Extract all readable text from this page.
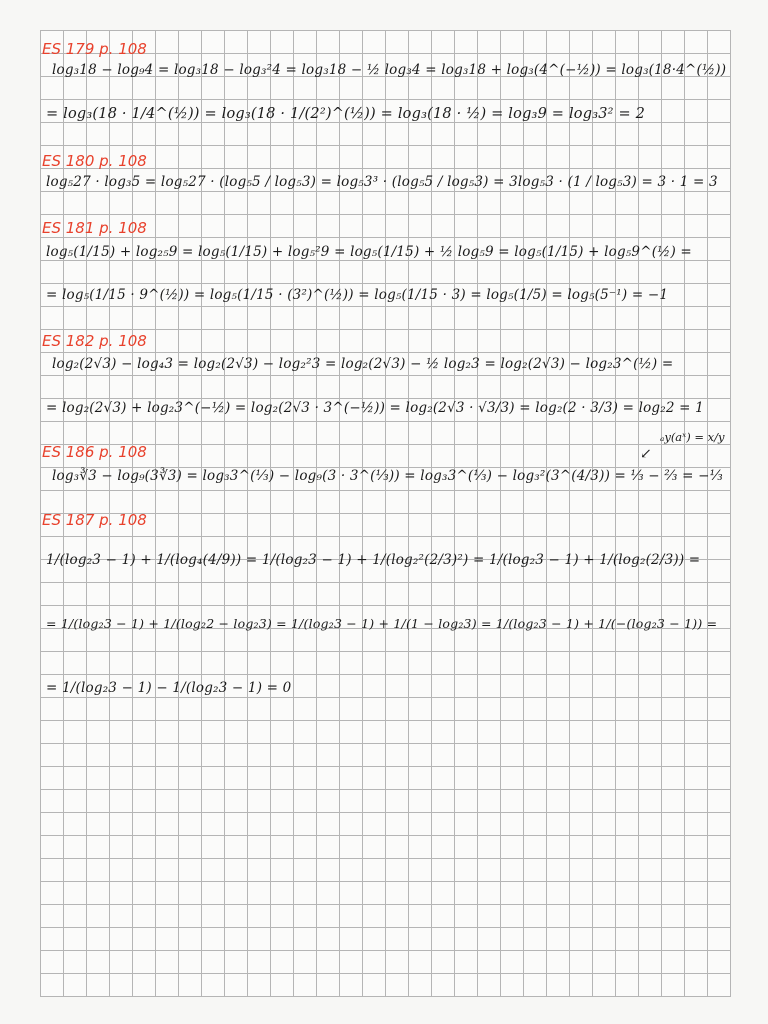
ES 179 p. 108
log₃18 − log₉4 = log₃18 − log₃²4 = log₃18 − ½ log₃4 = log₃18 + log₃(4^(−½)) = log₃(18·4^(½))
= log₃(18 · 1/4^(½)) = log₃(18 · 1/(2²)^(½)) = log₃(18 · ½) = log₃9 = log₃3² = 2
ES 180 p. 108
log₅27 · log₃5 = log₅27 · (log₅5 / log₅3) = log₅3³ · (log₅5 / log₅3) = 3log₅3 · (1 / log₅3) = 3 · 1 = 3
ES 181 p. 108
log₅(1/15) + log₂₅9 = log₅(1/15) + log₅²9 = log₅(1/15) + ½ log₅9 = log₅(1/15) + log₅9^(½) =
= log₅(1/15 · 9^(½)) = log₅(1/15 · (3²)^(½)) = log₅(1/15 · 3) = log₅(1/5) = log₅(5⁻¹) = −1
ES 182 p. 108
log₂(2√3) − log₄3 = log₂(2√3) − log₂²3 = log₂(2√3) − ½ log₂3 = log₂(2√3) − log₂3^(½) =
= log₂(2√3) + log₂3^(−½) = log₂(2√3 · 3^(−½)) = log₂(2√3 · √3/3) = log₂(2 · 3/3) = log₂2 = 1
ES 186 p. 108
ₐy(aˣ) = x/y
↙
log₃∛3 − log₉(3∛3) = log₃3^(⅓) − log₉(3 · 3^(⅓)) = log₃3^(⅓) − log₃²(3^(4/3)) = ⅓ − ⅔ = −⅓
ES 187 p. 108
1/(log₂3 − 1) + 1/(log₄(4/9)) = 1/(log₂3 − 1) + 1/(log₂²(2/3)²) = 1/(log₂3 − 1) + 1/(log₂(2/3)) =
= 1/(log₂3 − 1) + 1/(log₂2 − log₂3) = 1/(log₂3 − 1) + 1/(1 − log₂3) = 1/(log₂3 − 1) + 1/(−(log₂3 − 1)) =
= 1/(log₂3 − 1) − 1/(log₂3 − 1) = 0
